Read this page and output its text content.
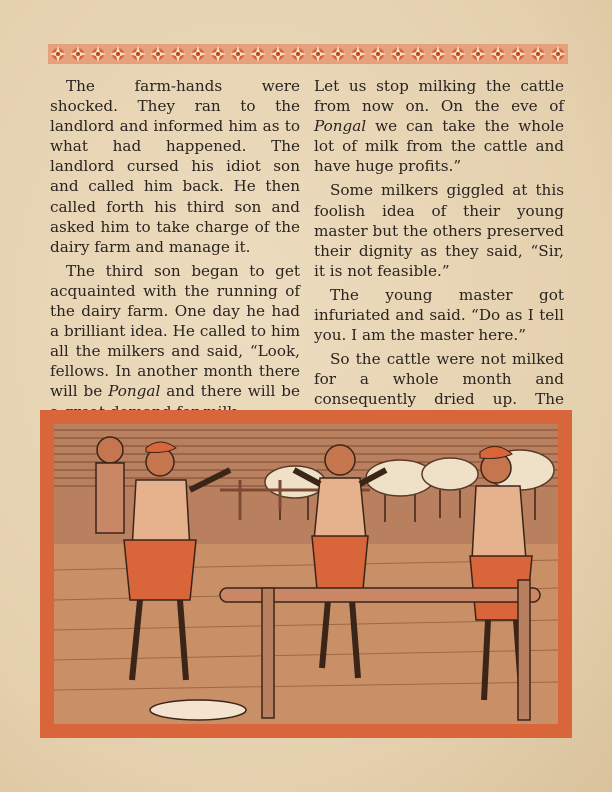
The farm-hands were shocked. They ran to the landlord and informed him as to what had happened. The landlord cursed his idiot son and called him back. He then called forth his third son and asked him to take charge of the dairy farm and manage it.

The third son began to get acquainted with the running of the dairy farm. One day he had a brilliant idea. He called to him all the milkers and said, “Look, fellows. In another month there will be Pongal and there will be

Let us stop milking the cattle from now on. On the eve of Pongal we can take the whole lot of milk from the cattle and have huge profits.”

Some milkers giggled at this foolish idea of their young master but the others preserved their dignity as they said, “Sir, it is not feasible.”

The young master got infuriated and said. “Do as I tell you. I am the master here.”

So the cattle were not milked for a whole month and consequently dried up. The
